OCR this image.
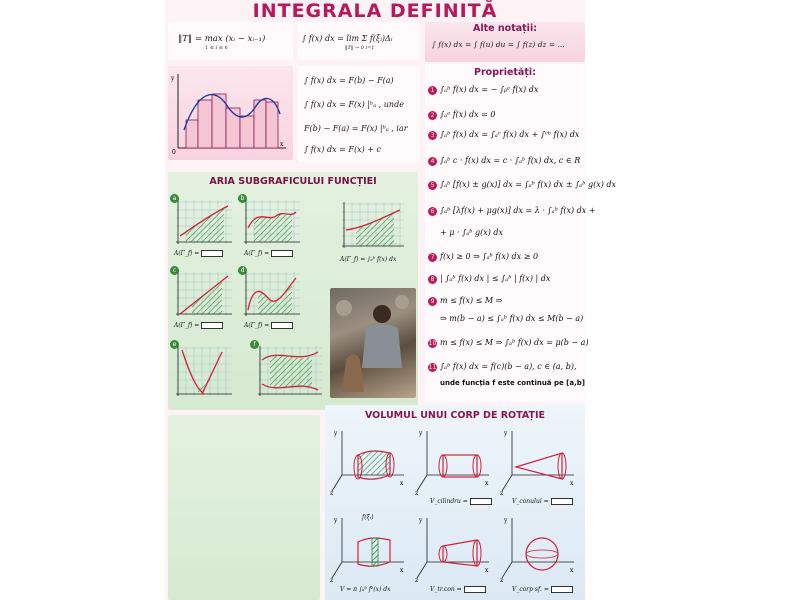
INTEGRALA DEFINITĂ
‖T‖ = max (xᵢ − xᵢ₋₁)
1 ≤ i ≤ n
∫ f(x) dx = lim Σ f(ξᵢ)Δᵢ
‖T‖ → 0 i=1
Alte notații:
∫ f(x) dx = ∫ f(u) du = ∫ f(z) dz = ...
0
x
y	∫ f(x) dx = F(b) − F(a)
∫ f(x) dx = F(x) |ᵇₐ , unde
F(b) − F(a) = F(x) |ᵇₐ , iar
∫ f(x) dx = F(x) + c
Proprietăți:
1 ∫ₐᵇ f(x) dx = − ∫ᵦᵃ f(x) dx
2 ∫ₐᵃ f(x) dx = 0
3 ∫ₐᵇ f(x) dx = ∫ₐᶜ f(x) dx + ∫ᶜᵇ f(x) dx
4 ∫ₐᵇ c · f(x) dx = c · ∫ₐᵇ f(x) dx, c ∈ R
5 ∫ₐᵇ [f(x) ± g(x)] dx = ∫ₐᵇ f(x) dx ± ∫ₐᵇ g(x) dx
6 ∫ₐᵇ [λf(x) + μg(x)] dx = λ · ∫ₐᵇ f(x) dx +
+ μ · ∫ₐᵇ g(x) dx
7 f(x) ≥ 0 ⇒ ∫ₐᵇ f(x) dx ≥ 0
8 | ∫ₐᵇ f(x) dx | ≤ ∫ₐᵇ | f(x) | dx
9 m ≤ f(x) ≤ M ⇒
⇒ m(b − a) ≤ ∫ₐᵇ f(x) dx ≤ M(b − a)
10 m ≤ f(x) ≤ M ⇒ ∫ₐᵇ f(x) dx = μ(b − a)
11 ∫ₐᵇ f(x) dx = f(c)(b − a), c ∈ (a, b),
unde funcția f este continuă pe [a,b]
ARIA SUBGRAFICULUI FUNCȚIEI
a
A(Γ_f) =
b
A(Γ_f) =
A(Γ_f) = ∫ₐᵇ f(x) dx
c
A(Γ_f) =
d
A(Γ_f) =
e	f
VOLUMUL UNUI CORP DE ROTAȚIE
y
x
z
y
x
z
y
x
z
y
x
z
y
x
z
y
x
z
V_cilindru =	V_conului =
V = π ∫ₐᵇ f²(x) dx	V_tr.con =	V_corp sf. =
f(ξᵢ)
